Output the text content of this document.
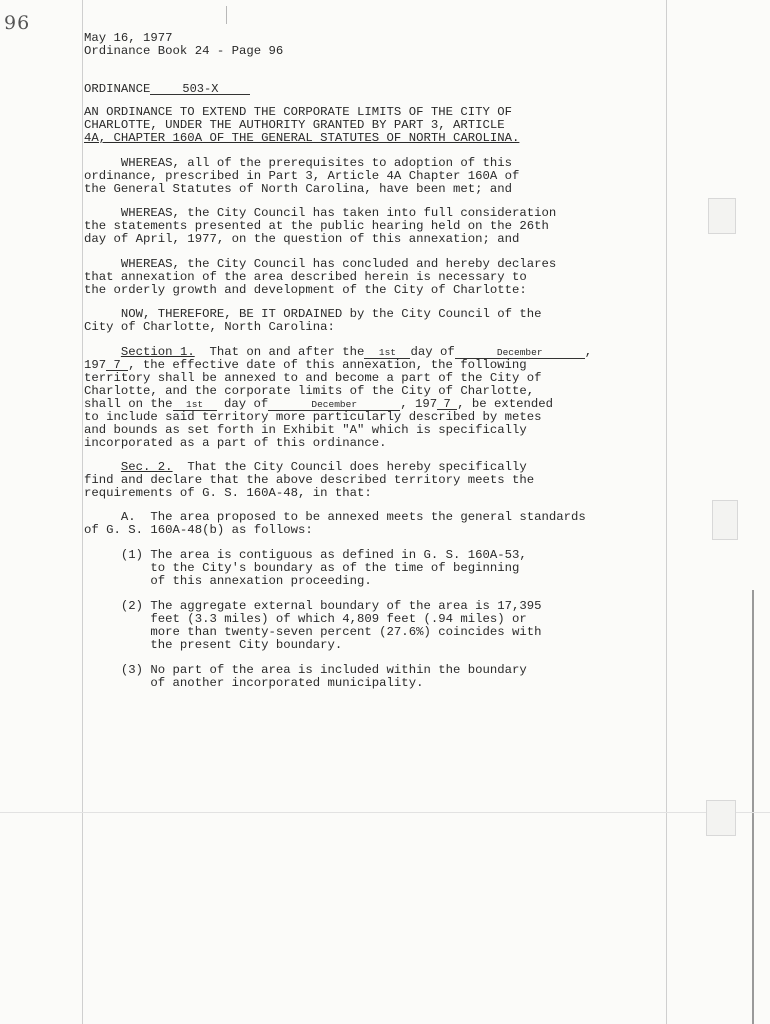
96
May 16, 1977
Ordinance Book 24 - Page 96
ORDINANCE	503-X
AN ORDINANCE TO EXTEND THE CORPORATE LIMITS OF THE CITY OF
CHARLOTTE, UNDER THE AUTHORITY GRANTED BY PART 3, ARTICLE
4A, CHAPTER 160A OF THE GENERAL STATUTES OF NORTH CAROLINA.
WHEREAS, all of the prerequisites to adoption of this
ordinance, prescribed in Part 3, Article 4A Chapter 160A of
the General Statutes of North Carolina, have been met; and
WHEREAS, the City Council has taken into full consideration
the statements presented at the public hearing held on the 26th
day of April, 1977, on the question of this annexation; and
WHEREAS, the City Council has concluded and hereby declares
that annexation of the area described herein is necessary to
the orderly growth and development of the City of Charlotte:
NOW, THEREFORE, BE IT ORDAINED by the City Council of the
City of Charlotte, North Carolina:
Section 1.  That on and after the 1st day of	December	,
197 7 , the effective date of this annexation, the following
territory shall be annexed to and become a part of the City of
Charlotte, and the corporate limits of the City of Charlotte,
shall on the 1st day of	December	, 197 7 , be extended
to include said territory more particularly described by metes
and bounds as set forth in Exhibit "A" which is specifically
incorporated as a part of this ordinance.
Sec. 2.  That the City Council does hereby specifically
find and declare that the above described territory meets the
requirements of G. S. 160A-48, in that:
A.  The area proposed to be annexed meets the general standards
of G. S. 160A-48(b) as follows:
(1) The area is contiguous as defined in G. S. 160A-53,
to the City's boundary as of the time of beginning
of this annexation proceeding.
(2) The aggregate external boundary of the area is 17,395
feet (3.3 miles) of which 4,809 feet (.94 miles) or
more than twenty-seven percent (27.6%) coincides with
the present City boundary.
(3) No part of the area is included within the boundary
of another incorporated municipality.
